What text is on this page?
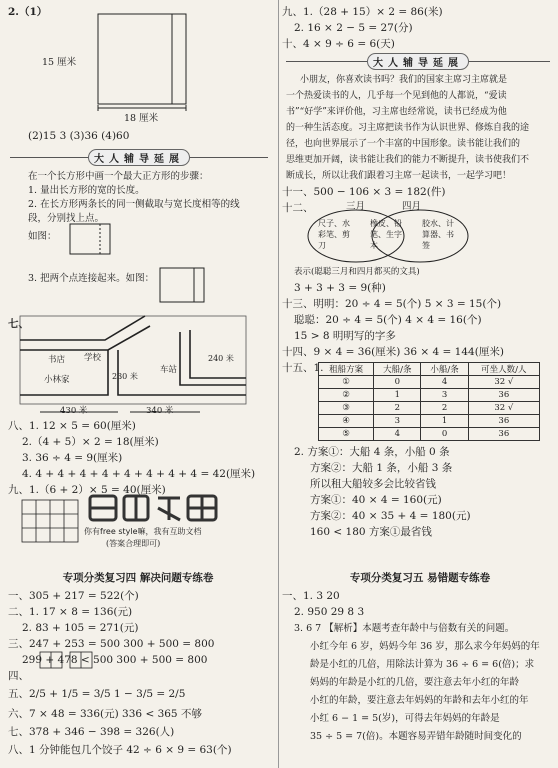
2.（1）
15 厘米
18 厘米
(2)15 3 (3)36 (4)60
大人辅导延展
在一个长方形中画一个最大正方形的步骤：
1. 量出长方形的宽的长度。
2. 在长方形两条长的同一侧截取与宽长度相等的线
段，分别找上点。
如图：
3. 把两个点连接起来。如图：
七、
书店 学校
小林家
车站
430 米	340 米
240 米
230 米
八、1. 12 × 5 = 60(厘米)
2.（4 + 5）× 2 = 18(厘米)
3. 36 ÷ 4 = 9(厘米)
4. 4 + 4 + 4 + 4 + 4 + 4 + 4 + 4 = 42(厘米)
九、1.（6 + 2）× 5 = 40(厘米)
你有free style嘛，我有互助文档
(答案合理即可)
专项分类复习四 解决问题专练卷
一、305 + 217 = 522(个)
二、1. 17 × 8 = 136(元)
2. 83 + 105 = 271(元)
三、247 + 253 = 500 300 + 500 = 800
299 + 478 < 500 300 + 500 = 800
四、
五、2/5 + 1/5 = 3/5 1 − 3/5 = 2/5
六、7 × 48 = 336(元) 336 < 365 不够
七、378 + 346 − 398 = 326(人)
八、1 分钟能包几个饺子 42 ÷ 6 × 9 = 63(个)
九、1.（28 + 15）× 2 = 86(米)
2. 16 × 2 − 5 = 27(分)
十、4 × 9 ÷ 6 = 6(天)
大人辅导延展
小朋友，你喜欢读书吗？我们的国家主席习主席就是
一个热爱读书的人，几乎每一个见到他的人都说，“爱读
书”“好学”来评价他，习主席也经常说，读书已经成为他
的一种生活态度。习主席把读书作为认识世界、修炼自我的途
径，也向世界展示了一个丰富的中国形象。读书能让我们的
思维更加开阔，读书能让我们的能力不断提升，读书使我们不
断成长，所以让我们跟着习主席一起读书，一起学习吧！
十一、500 − 106 × 3 = 182(件)
十二、	三月	四月
尺子、水彩笔、剪刀
橡皮、铅笔、生字本
胶水、计算器、书签
表示(聪聪三月和四月都买的文具)
3 + 3 + 3 = 9(种)
十三、明明：20 ÷ 4 = 5(个) 5 × 3 = 15(个)
聪聪：20 ÷ 4 = 5(个) 4 × 4 = 16(个)
15 > 8 明明写的字多
十四、9 × 4 = 36(厘米) 36 × 4 = 144(厘米)
十五、1. 租船方案	大船/条	小船/条	可坐人数/人
①	0	4	32 √
②	1	3	36
③	2	2	32 √
④	3	1	36
⑤	4	0	36
2. 方案①：大船 4 条，小船 0 条
方案②：大船 1 条，小船 3 条
所以租大船较多会比较省钱
方案①：40 × 4 = 160(元)
方案②：40 × 35 + 4 = 180(元)
160 < 180 方案①最省钱
专项分类复习五 易错题专练卷
一、1. 3 20
2. 950 29 8 3
3. 6 7 【解析】本题考查年龄中与倍数有关的问题。
小红今年 6 岁，妈妈今年 36 岁，那么求今年妈妈的年
龄是小红的几倍，用除法计算为 36 ÷ 6 = 6(倍)；求
妈妈的年龄是小红的几倍，要注意去年小红的年龄
小红的年龄，要注意去年妈妈的年龄和去年小红的年
小红 6 − 1 = 5(岁)，可得去年妈妈的年龄是
35 ÷ 5 = 7(倍)。本题容易弄错年龄随时间变化的
